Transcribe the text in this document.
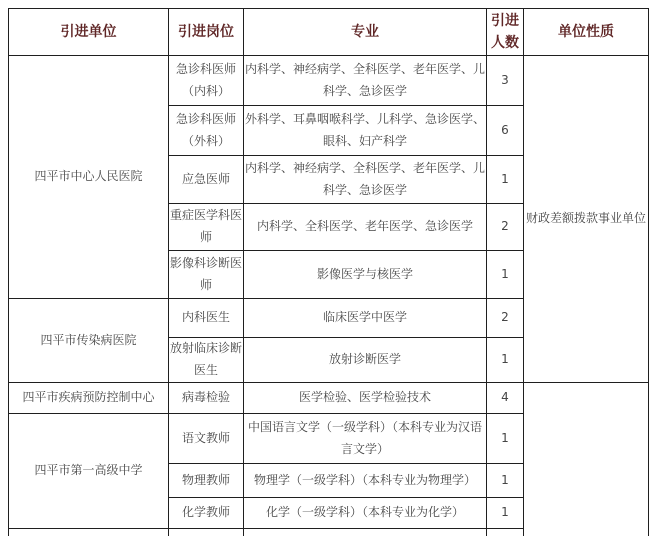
引进单位	引进岗位	专业	引进人数	单位性质
四平市中心人民医院	急诊科医师（内科）	内科学、神经病学、全科医学、老年医学、儿科学、急诊医学	3	财政差额拨款事业单位
	急诊科医师（外科）	外科学、耳鼻咽喉科学、儿科学、急诊医学、眼科、妇产科学	6	
	应急医师	内科学、神经病学、全科医学、老年医学、儿科学、急诊医学	1	
	重症医学科医师	内科学、全科医学、老年医学、急诊医学	2	
	影像科诊断医师	影像医学与核医学	1	
四平市传染病医院	内科医生	临床医学中医学	2	
	放射临床诊断医生	放射诊断医学	1	
四平市疾病预防控制中心	病毒检验	医学检验、医学检验技术	4	
四平市第一高级中学	语文教师	中国语言文学（一级学科）（本科专业为汉语言文学）	1	
	物理教师	物理学（一级学科）（本科专业为物理学）	1	
	化学教师	化学（一级学科）（本科专业为化学）	1	
